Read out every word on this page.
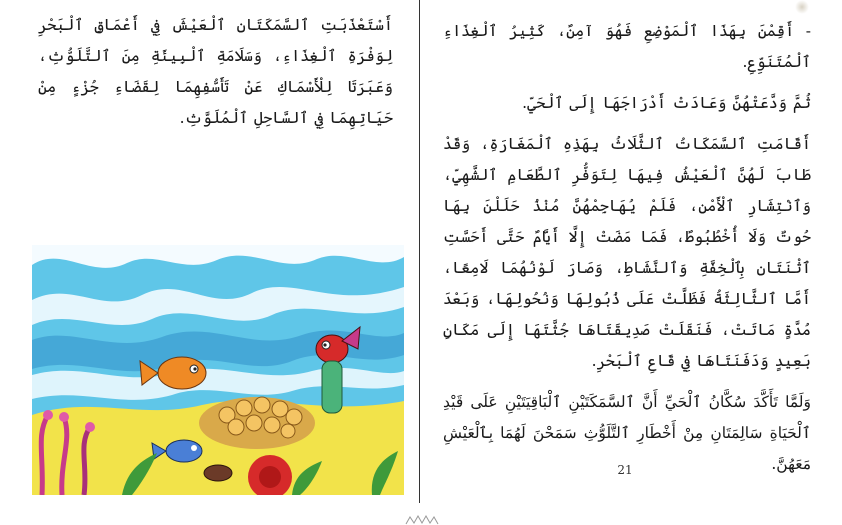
أَسْتَعْذَبَتِ ٱلسَّمَكَتَانِ ٱلْعَيْشَ فِي أَعْمَاقِ ٱلْبَحْرِ لِوَفْرَةِ ٱلْغِذَاءِ، وَسَلَامَةِ ٱلْبِيئَةِ مِنَ ٱلتَّلَوُّثِ، وَعَبَرَتَا لِلْأَسْمَاكِ عَنْ تَأَسُّفِهِمَا لِقَضَاءِ جُزْءٍ مِنْ حَيَاتِهِمَا فِي ٱلسَّاحِلِ ٱلْمُلَوَّثِ.

- أَقِمْنَ بِهَذَا ٱلْمَوْضِعِ فَهُوَ آمِنٌ، كَثِيرُ ٱلْغِذَاءِ ٱلْمُتَنَوِّعِ.

ثُمَّ وَدَّعَتْهُنَّ وَعَادَتْ أَدْرَاجَهَا إِلَى ٱلْحَيِّ.

أَقَامَتِ ٱلسَّمَكَاتُ ٱلثَّلَاثُ بِهَذِهِ ٱلْمَغَارَةِ، وَقَدْ طَابَ لَهُنَّ ٱلْعَيْشُ فِيهَا لِتَوَفُّرِ ٱلطَّعَامِ ٱلشَّهِيِّ، وَٱنْتِشَارِ ٱلْأَمْنِ، فَلَمْ يُهَاجِمْهُنَّ مُنْذُ حَلَلْنَ بِهَا حُوتٌ وَلَا أُخْطُبُوطٌ، فَمَا مَضَتْ إِلَّا أَيَّامٌ حَتَّى أَحَسَّتِ ٱثْنَتَانِ بِٱلْخِفَّةِ وَٱلنَّشَاطِ، وَصَارَ لَوْنُهُمَا لَامِعًا، أَمَّا ٱلثَّالِثَةُ فَظَلَّتْ عَلَى ذُبُولِهَا وَنُحُولِهَا، وَبَعْدَ مُدَّةٍ مَاتَتْ، فَنَقَلَتْ صَدِيقَتَاهَا جُثَّتَهَا إِلَى مَكَانٍ بَعِيدٍ وَدَفَنَتَاهَا فِي قَاعِ ٱلْبَحْرِ.

وَلَمَّا تَأَكَّدَ سُكَّانُ ٱلْحَيِّ أَنَّ ٱلسَّمَكَتَيْنِ ٱلْبَاقِيَتَيْنِ عَلَى قَيْدِ ٱلْحَيَاةِ سَالِمَتَانِ مِنْ أَخْطَارِ ٱلتَّلَوُّثِ سَمَحْنَ لَهُمَا بِٱلْعَيْشِ مَعَهُنَّ.

21
